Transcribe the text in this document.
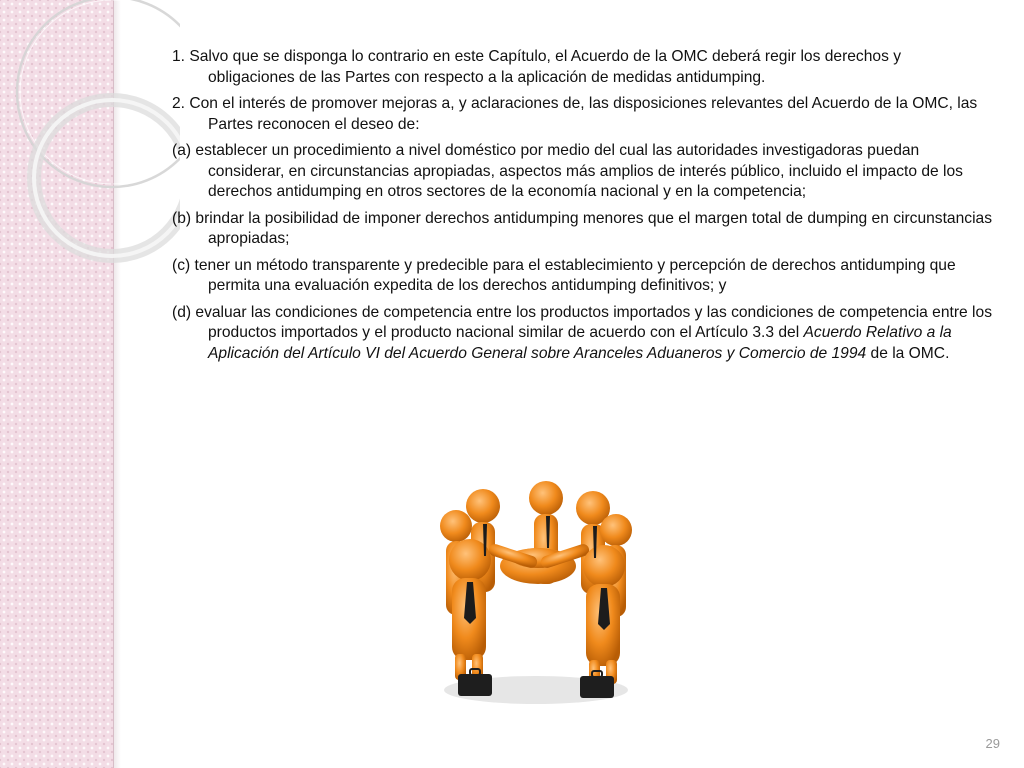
1. Salvo que se disponga lo contrario en este Capítulo, el Acuerdo de la OMC deberá regir los derechos y obligaciones de las Partes con respecto a la aplicación de medidas antidumping.

2. Con el interés de promover mejoras a, y aclaraciones de, las disposiciones relevantes del Acuerdo de la OMC, las Partes reconocen el deseo de:

(a) establecer un procedimiento a nivel doméstico por medio del cual las autoridades investigadoras puedan considerar, en circunstancias apropiadas, aspectos más amplios de interés público, incluido el impacto de los derechos antidumping en otros sectores de la economía nacional y en la competencia;

(b) brindar la posibilidad de imponer derechos antidumping menores que el margen total de dumping en circunstancias apropiadas;

(c) tener un método transparente y predecible para el establecimiento y percepción de derechos antidumping que permita una evaluación expedita de los derechos antidumping definitivos; y

(d) evaluar las condiciones de competencia entre los productos importados y las condiciones de competencia entre los productos importados y el producto nacional similar de acuerdo con el Artículo 3.3 del Acuerdo Relativo a la Aplicación del Artículo VI del Acuerdo General sobre Aranceles Aduaneros y Comercio de 1994 de la OMC.

29
